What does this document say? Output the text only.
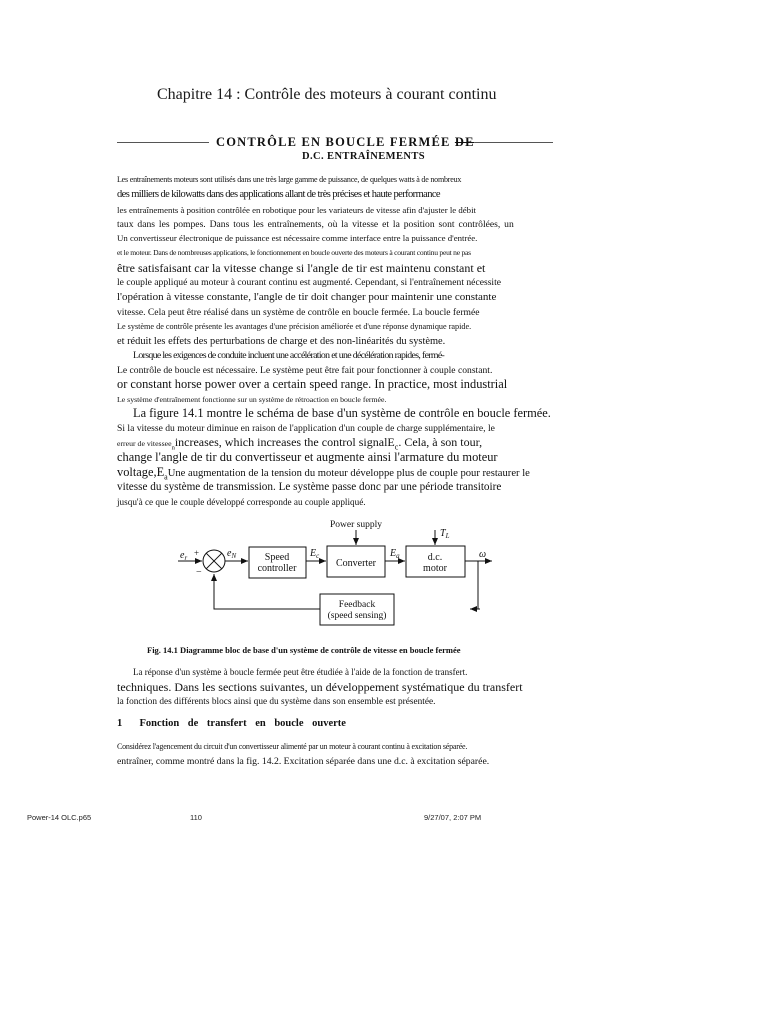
Chapitre 14 : Contrôle des moteurs à courant continu
CONTRÔLE EN BOUCLE FERMÉE DE
D.C. ENTRAÎNEMENTS
Les entraînements moteurs sont utilisés dans une très large gamme de puissance, de quelques watts à de nombreux
des milliers de kilowatts dans des applications allant de très précises et haute performance
les entraînements à position contrôlée en robotique pour les variateurs de vitesse afin d'ajuster le débit
taux dans les pompes. Dans tous les entraînements, où la vitesse et la position sont contrôlées, un
Un convertisseur électronique de puissance est nécessaire comme interface entre la puissance d'entrée.
et le moteur. Dans de nombreuses applications, le fonctionnement en boucle ouverte des moteurs à courant continu peut ne pas
être satisfaisant car la vitesse change si l'angle de tir est maintenu constant et
le couple appliqué au moteur à courant continu est augmenté. Cependant, si l'entraînement nécessite
l'opération à vitesse constante, l'angle de tir doit changer pour maintenir une constante
vitesse. Cela peut être réalisé dans un système de contrôle en boucle fermée. La boucle fermée
Le système de contrôle présente les avantages d'une précision améliorée et d'une réponse dynamique rapide.
et réduit les effets des perturbations de charge et des non-linéarités du système.
Lorsque les exigences de conduite incluent une accélération et une décélération rapides, fermé-
Le contrôle de boucle est nécessaire. Le système peut être fait pour fonctionner à couple constant.
or constant horse power over a certain speed range. In practice, most industrial
Le système d'entraînement fonctionne sur un système de rétroaction en boucle fermée.
La figure 14.1 montre le schéma de base d'un système de contrôle en boucle fermée.
Si la vitesse du moteur diminue en raison de l'application d'un couple de charge supplémentaire, le
erreur de vitessee$_n$increases, which increases the control signalE$_c$. Cela, à son tour,
change l'angle de tir du convertisseur et augmente ainsi l'armature du moteur
$voltage,E_aUne$ augmentation de la tension du moteur développe plus de couple pour restaurer le
vitesse du système de transmission. Le système passe donc par une période transitoire
jusqu'à ce que le couple développé corresponde au couple appliqué.
$e_r$ +
−
$e_N$	Speed
controller
$E_c$
Power supply
Converter
$E_a$	d.c.
motor
$T_L$
ω
Feedback
(speed sensing)
Fig. 14.1 Diagramme bloc de base d'un système de contrôle de vitesse en boucle fermée
La réponse d'un système à boucle fermée peut être étudiée à l'aide de la fonction de transfert.
techniques. Dans les sections suivantes, un développement systématique du transfert
la fonction des différents blocs ainsi que du système dans son ensemble est présentée.
1 Fonction de transfert en boucle ouverte
Considérez l'agencement du circuit d'un convertisseur alimenté par un moteur à courant continu à excitation séparée.
entraîner, comme montré dans la fig. 14.2. Excitation séparée dans une d.c. à excitation séparée.
Power-14 OLC.p65	110	9/27/07, 2:07 PM
